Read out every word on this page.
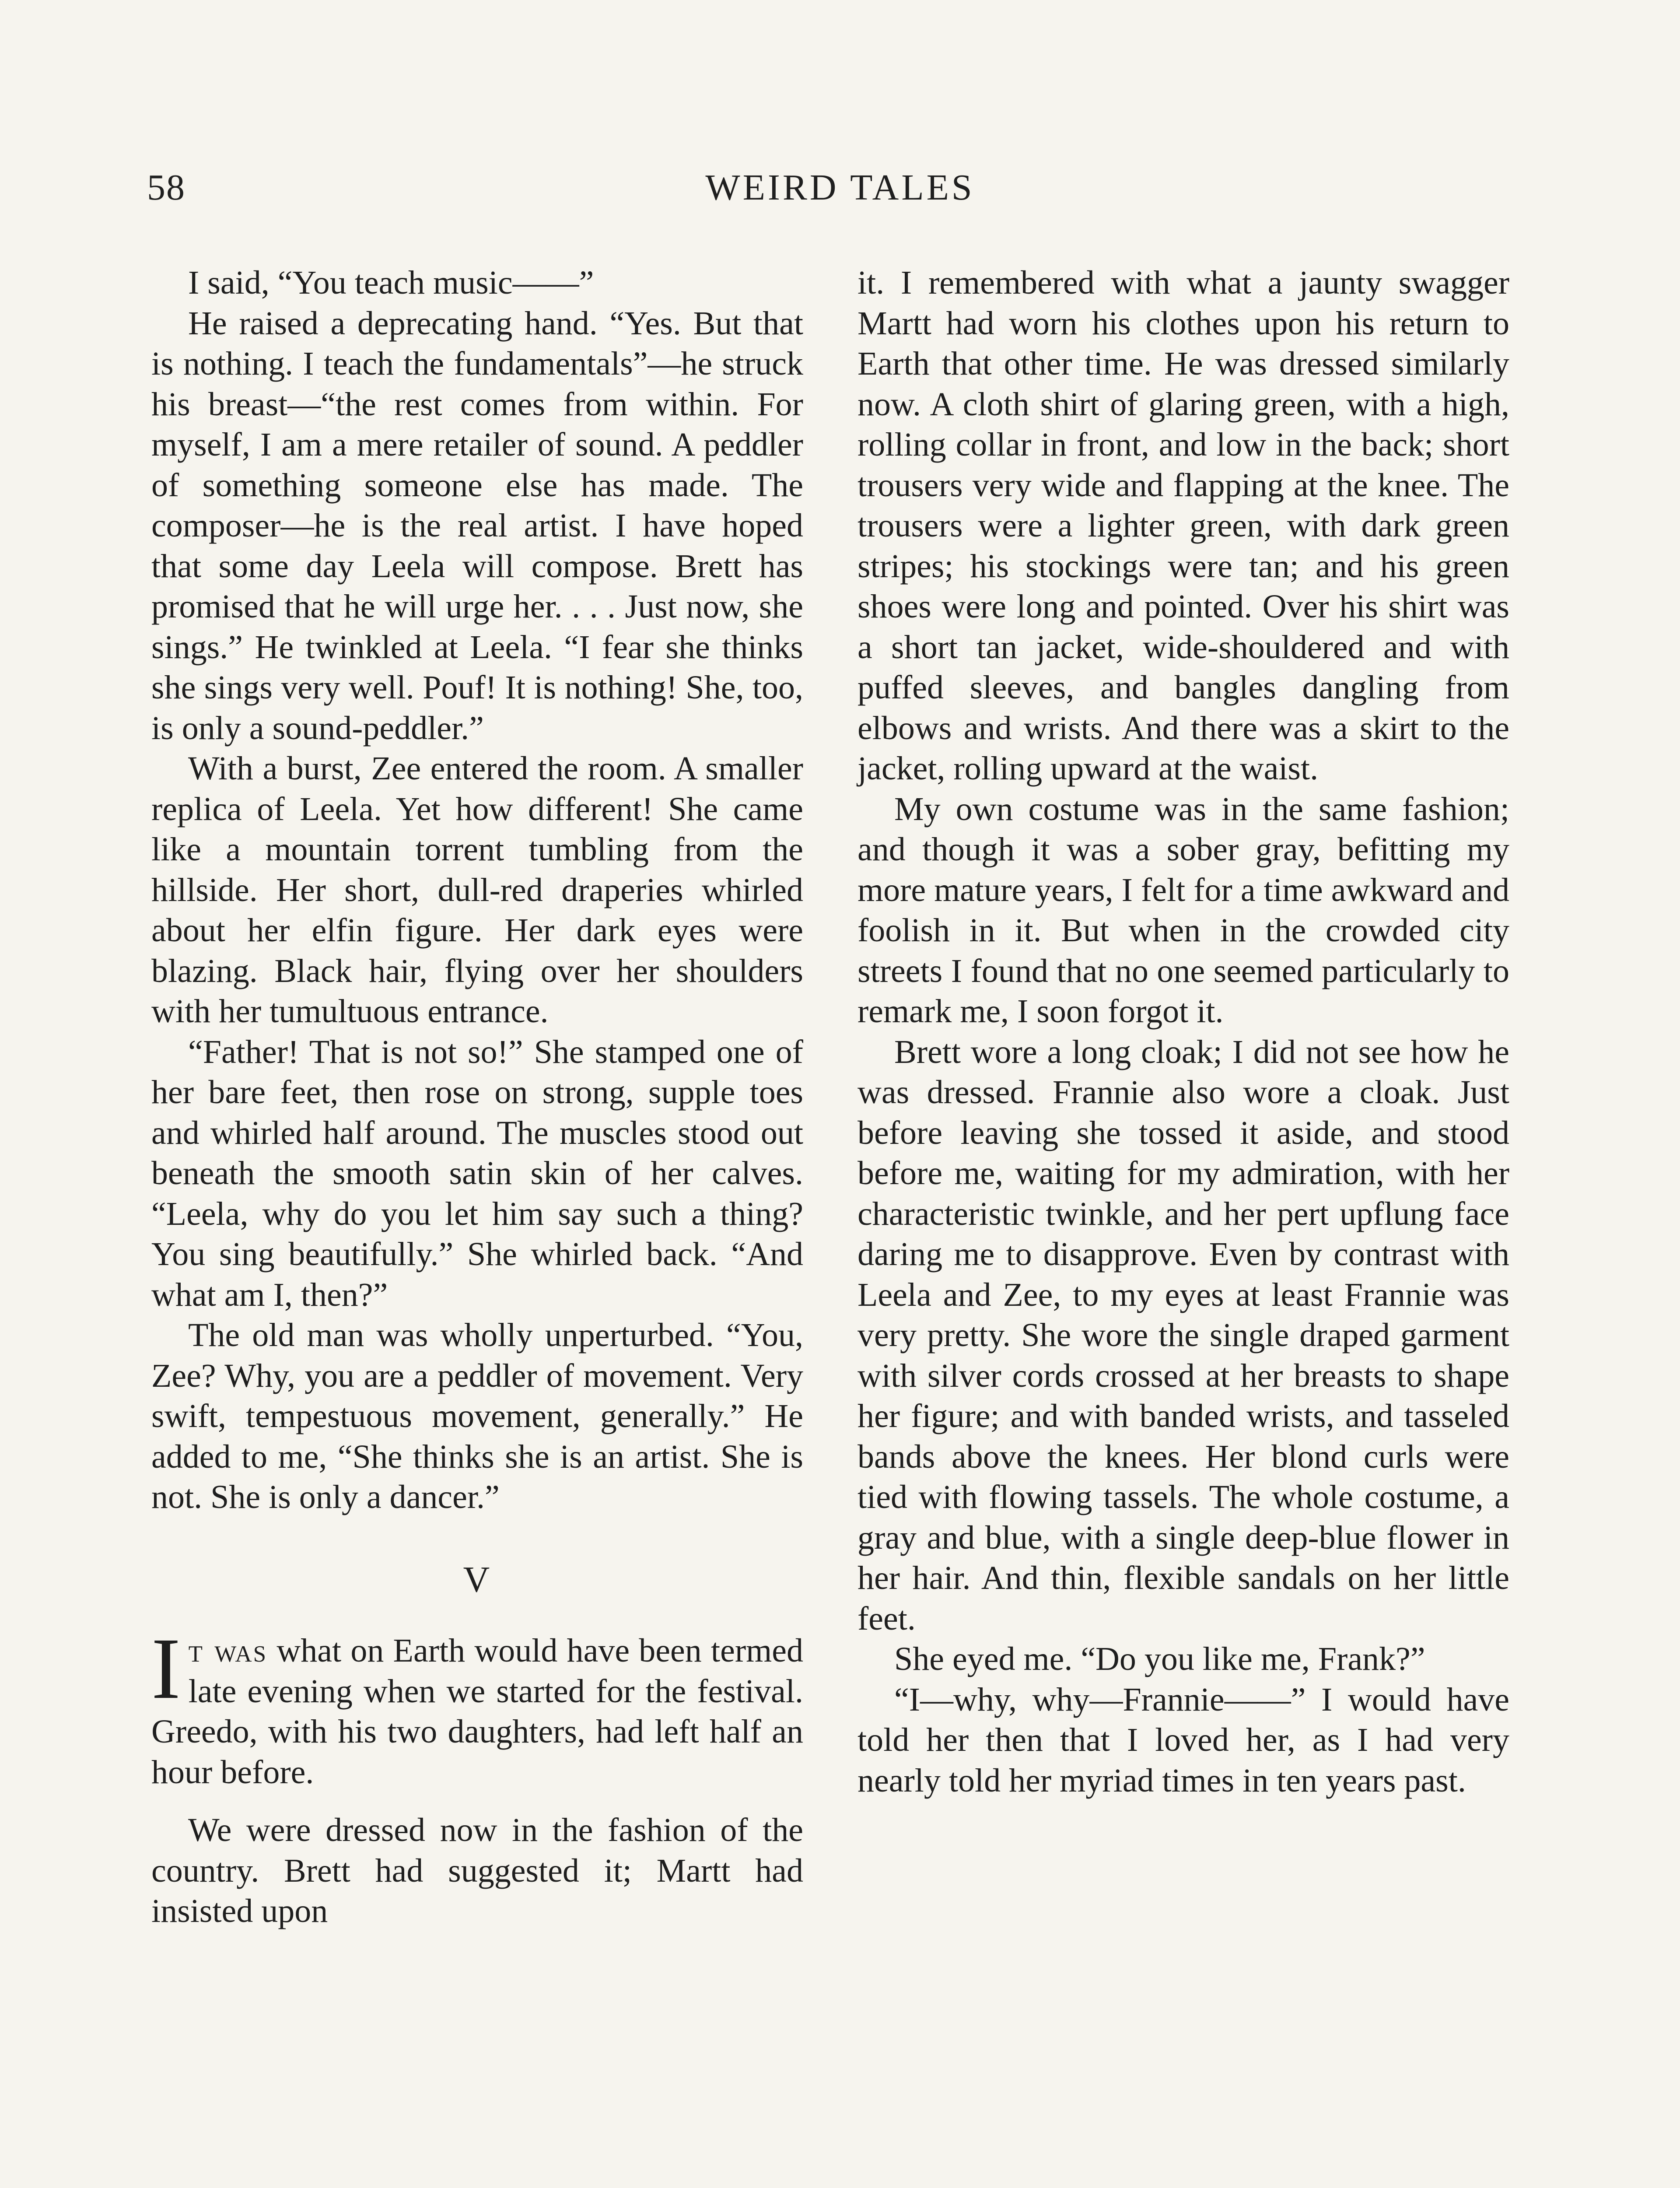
58	WEIRD TALES

I said, “You teach music——”

He raised a deprecating hand. “Yes. But that is nothing. I teach the fundamentals”—he struck his breast—“the rest comes from within. For myself, I am a mere retailer of sound. A peddler of something someone else has made. The composer—he is the real artist. I have hoped that some day Leela will compose. Brett has promised that he will urge her. . . . Just now, she sings.” He twinkled at Leela. “I fear she thinks she sings very well. Pouf! It is nothing! She, too, is only a sound-peddler.”

With a burst, Zee entered the room. A smaller replica of Leela. Yet how different! She came like a mountain torrent tumbling from the hillside. Her short, dull-red draperies whirled about her elfin figure. Her dark eyes were blazing. Black hair, flying over her shoulders with her tumultuous entrance.

“Father! That is not so!” She stamped one of her bare feet, then rose on strong, supple toes and whirled half around. The muscles stood out beneath the smooth satin skin of her calves. “Leela, why do you let him say such a thing? You sing beautifully.” She whirled back. “And what am I, then?”

The old man was wholly unperturbed. “You, Zee? Why, you are a peddler of movement. Very swift, tempestuous movement, generally.” He added to me, “She thinks she is an artist. She is not. She is only a dancer.”

V

It was what on Earth would have been termed late evening when we started for the festival. Greedo, with his two daughters, had left half an hour before.

We were dressed now in the fashion of the country. Brett had suggested it; Martt had insisted upon

it. I remembered with what a jaunty swagger Martt had worn his clothes upon his return to Earth that other time. He was dressed similarly now. A cloth shirt of glaring green, with a high, rolling collar in front, and low in the back; short trousers very wide and flapping at the knee. The trousers were a lighter green, with dark green stripes; his stockings were tan; and his green shoes were long and pointed. Over his shirt was a short tan jacket, wide-shouldered and with puffed sleeves, and bangles dangling from elbows and wrists. And there was a skirt to the jacket, rolling upward at the waist.

My own costume was in the same fashion; and though it was a sober gray, befitting my more mature years, I felt for a time awkward and foolish in it. But when in the crowded city streets I found that no one seemed particularly to remark me, I soon forgot it.

Brett wore a long cloak; I did not see how he was dressed. Frannie also wore a cloak. Just before leaving she tossed it aside, and stood before me, waiting for my admiration, with her characteristic twinkle, and her pert upflung face daring me to disapprove. Even by contrast with Leela and Zee, to my eyes at least Frannie was very pretty. She wore the single draped garment with silver cords crossed at her breasts to shape her figure; and with banded wrists, and tasseled bands above the knees. Her blond curls were tied with flowing tassels. The whole costume, a gray and blue, with a single deep-blue flower in her hair. And thin, flexible sandals on her little feet.

She eyed me. “Do you like me, Frank?”

“I—why, why—Frannie——” I would have told her then that I loved her, as I had very nearly told her myriad times in ten years past.
